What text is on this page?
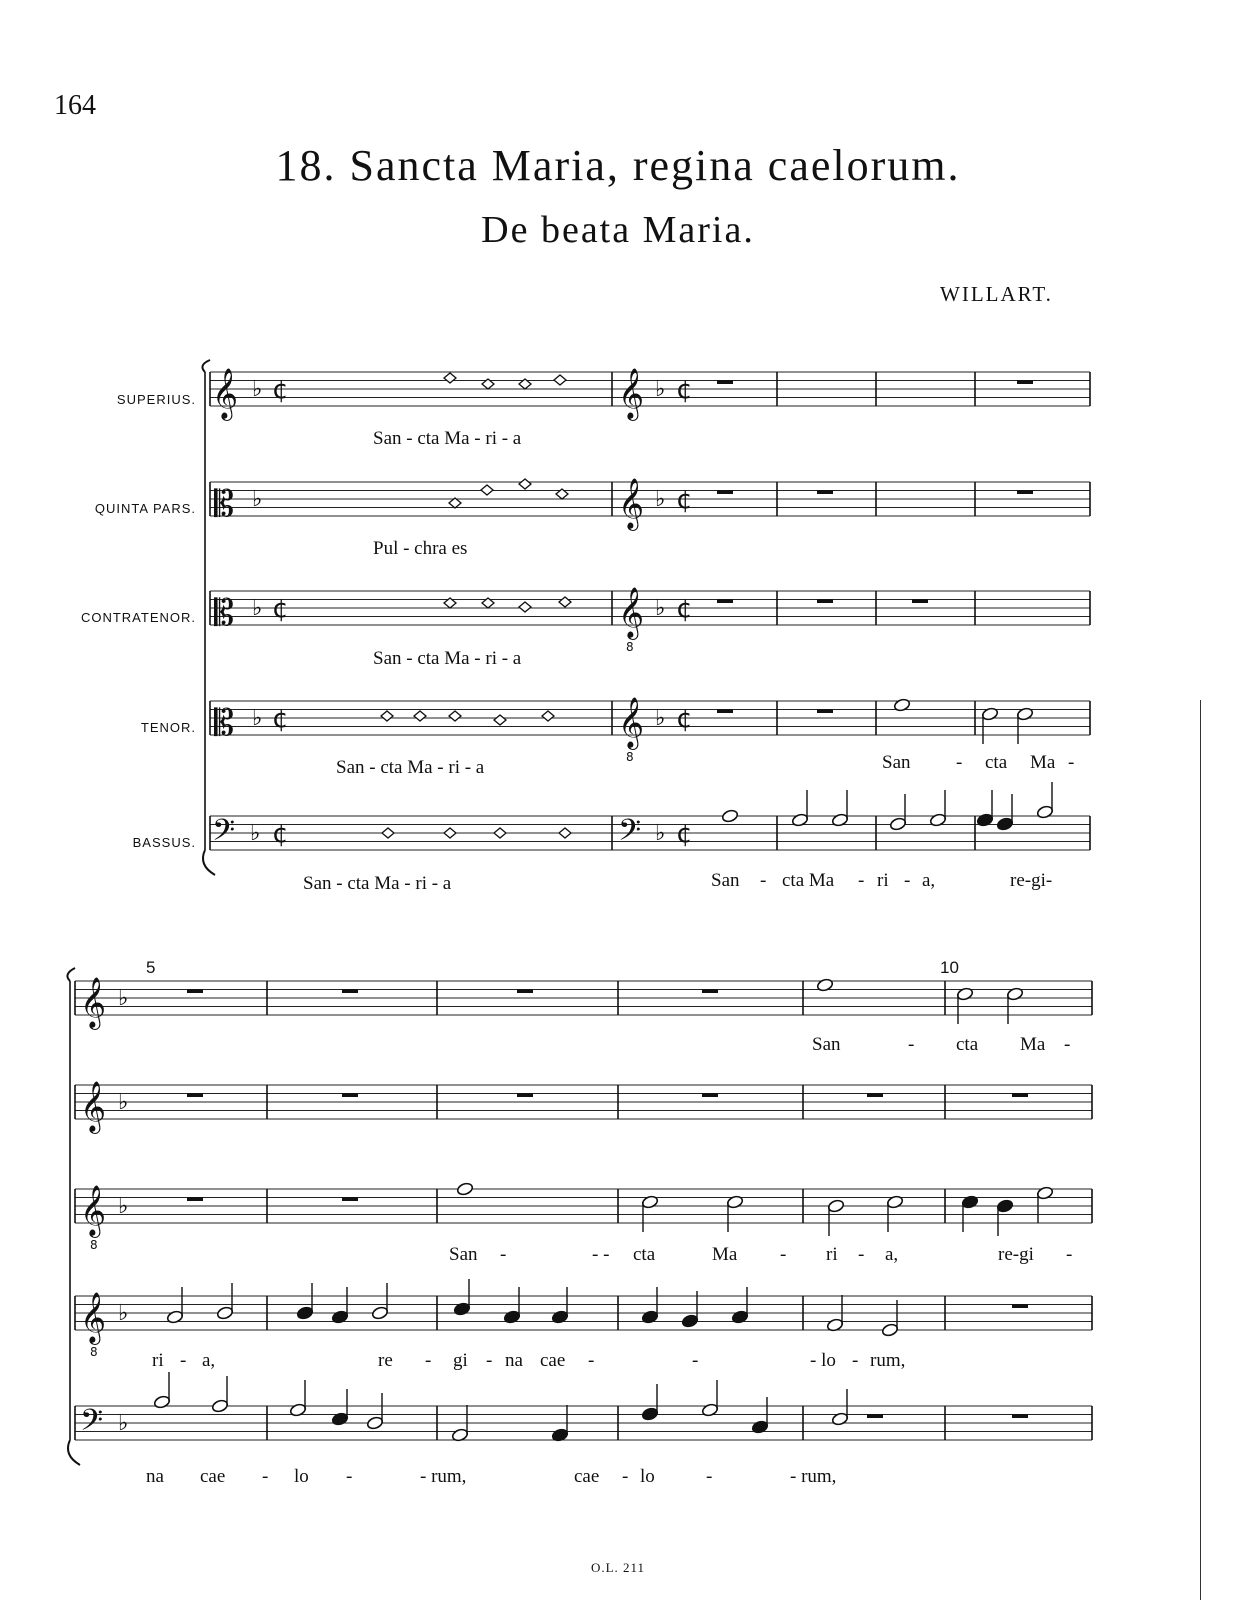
164
18. Sancta Maria, regina caelorum.
De beata Maria.
WILLART.
SUPERIUS.
QUINTA PARS.
CONTRATENOR.
TENOR.
BASSUS.
𝄞
𝄡
𝄡
𝄡
𝄢
𝄞
𝄞
𝄞
𝄞
𝄢
𝄞
𝄞
𝄞
𝄞
𝄢
8
8
8
8
♭	♭
♭	♭
♭	♭
♭	♭
♭	♭
♭
♭
♭
♭
♭
¢
¢
¢
¢
¢
¢
¢
¢
¢
San - cta Ma - ri - a
Pul - chra es
San - cta Ma - ri - a
San - cta Ma - ri - a	San - cta Ma -
San - cta Ma - ri - a	San - cta Ma - ri - a,	re-gi-
5	10
San	- cta Ma -
San -	- - cta	Ma - ri - a,	re-gi -
ri - a,	re - gi - na cae -	-	- lo - rum,
na cae - lo -	- rum,	cae - lo	-	- rum,
O.L. 211
